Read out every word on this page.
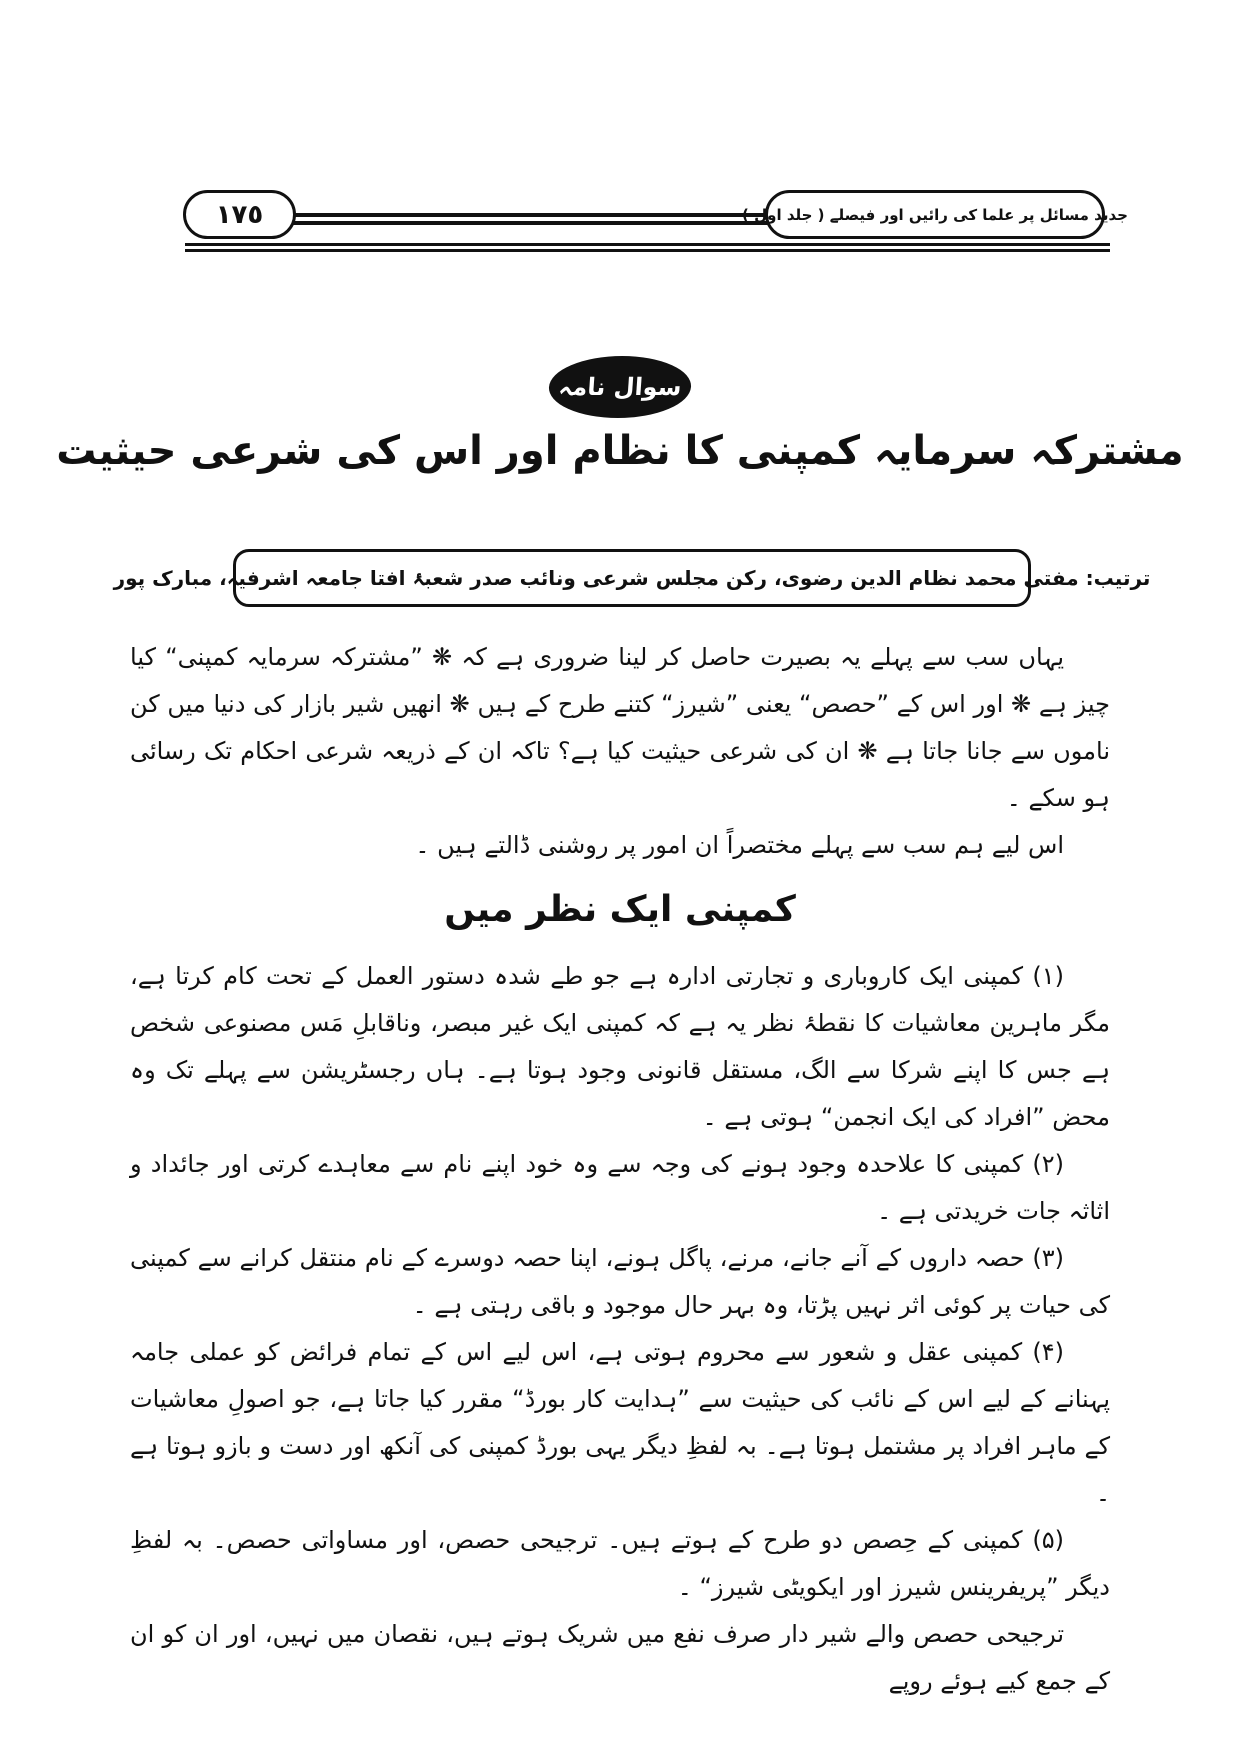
١٧٥	جدید مسائل پر علما کی رائیں اور فیصلے ( جلد اول )
سوال نامہ
مشترکہ سرمایہ کمپنی کا نظام اور اس کی شرعی حیثیت
ترتیب: مفتی محمد نظام الدین رضوی، رکن مجلس شرعی ونائب صدر شعبۂ افتا جامعہ اشرفیہ، مبارک پور

یہاں سب سے پہلے یہ بصیرت حاصل کر لینا ضروری ہے کہ ❋ ”مشترکہ سرمایہ کمپنی“ کیا چیز ہے ❋ اور اس کے ”حصص“ یعنی ”شیرز“ کتنے طرح کے ہیں ❋ انھیں شیر بازار کی دنیا میں کن ناموں سے جانا جاتا ہے ❋ ان کی شرعی حیثیت کیا ہے؟ تاکہ ان کے ذریعہ شرعی احکام تک رسائی ہو سکے ۔

اس لیے ہم سب سے پہلے مختصراً ان امور پر روشنی ڈالتے ہیں ۔

کمپنی ایک نظر میں

(۱) کمپنی ایک کاروباری و تجارتی ادارہ ہے جو طے شدہ دستور العمل کے تحت کام کرتا ہے، مگر ماہرین معاشیات کا نقطۂ نظر یہ ہے کہ کمپنی ایک غیر مبصر، وناقابلِ مَس مصنوعی شخص ہے جس کا اپنے شرکا سے الگ، مستقل قانونی وجود ہوتا ہے۔ ہاں رجسٹریشن سے پہلے تک وہ محض ”افراد کی ایک انجمن“ ہوتی ہے ۔

(۲) کمپنی کا علاحدہ وجود ہونے کی وجہ سے وہ خود اپنے نام سے معاہدے کرتی اور جائداد و اثاثہ جات خریدتی ہے ۔

(۳) حصہ داروں کے آنے جانے، مرنے، پاگل ہونے، اپنا حصہ دوسرے کے نام منتقل کرانے سے کمپنی کی حیات پر کوئی اثر نہیں پڑتا، وہ بہر حال موجود و باقی رہتی ہے ۔

(۴) کمپنی عقل و شعور سے محروم ہوتی ہے، اس لیے اس کے تمام فرائض کو عملی جامہ پہنانے کے لیے اس کے نائب کی حیثیت سے ”ہدایت کار بورڈ“ مقرر کیا جاتا ہے، جو اصولِ معاشیات کے ماہر افراد پر مشتمل ہوتا ہے۔ بہ لفظِ دیگر یہی بورڈ کمپنی کی آنکھ اور دست و بازو ہوتا ہے ۔

(۵) کمپنی کے حِصص دو طرح کے ہوتے ہیں۔ ترجیحی حصص، اور مساواتی حصص۔ بہ لفظِ دیگر ”پریفرینس شیرز اور ایکویٹی شیرز“ ۔

ترجیحی حصص والے شیر دار صرف نفع میں شریک ہوتے ہیں، نقصان میں نہیں، اور ان کو ان کے جمع کیے ہوئے روپے
